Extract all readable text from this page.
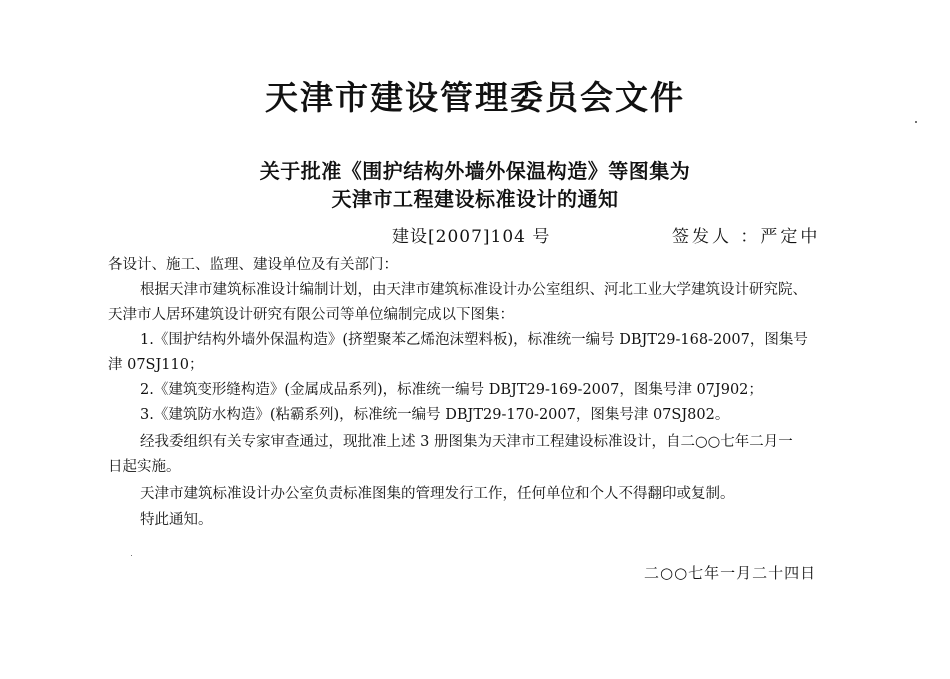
天津市建设管理委员会文件
关于批准《围护结构外墙外保温构造》等图集为
天津市工程建设标准设计的通知
建设[2007]104 号	签发人 ：严定中
各设计、施工、监理、建设单位及有关部门：
根据天津市建筑标准设计编制计划，由天津市建筑标准设计办公室组织、河北工业大学建筑设计研究院、
天津市人居环建筑设计研究有限公司等单位编制完成以下图集：
1.《围护结构外墙外保温构造》(挤塑聚苯乙烯泡沫塑料板)，标准统一编号 DBJT29-168-2007，图集号
津 07SJ110；
2.《建筑变形缝构造》(金属成品系列)，标准统一编号 DBJT29-169-2007，图集号津 07J902；
3.《建筑防水构造》(粘霸系列)，标准统一编号 DBJT29-170-2007，图集号津 07SJ802。
经我委组织有关专家审查通过，现批准上述 3 册图集为天津市工程建设标准设计，自二○○七年二月一
日起实施。
天津市建筑标准设计办公室负责标准图集的管理发行工作，任何单位和个人不得翻印或复制。
特此通知。
二○○七年一月二十四日
